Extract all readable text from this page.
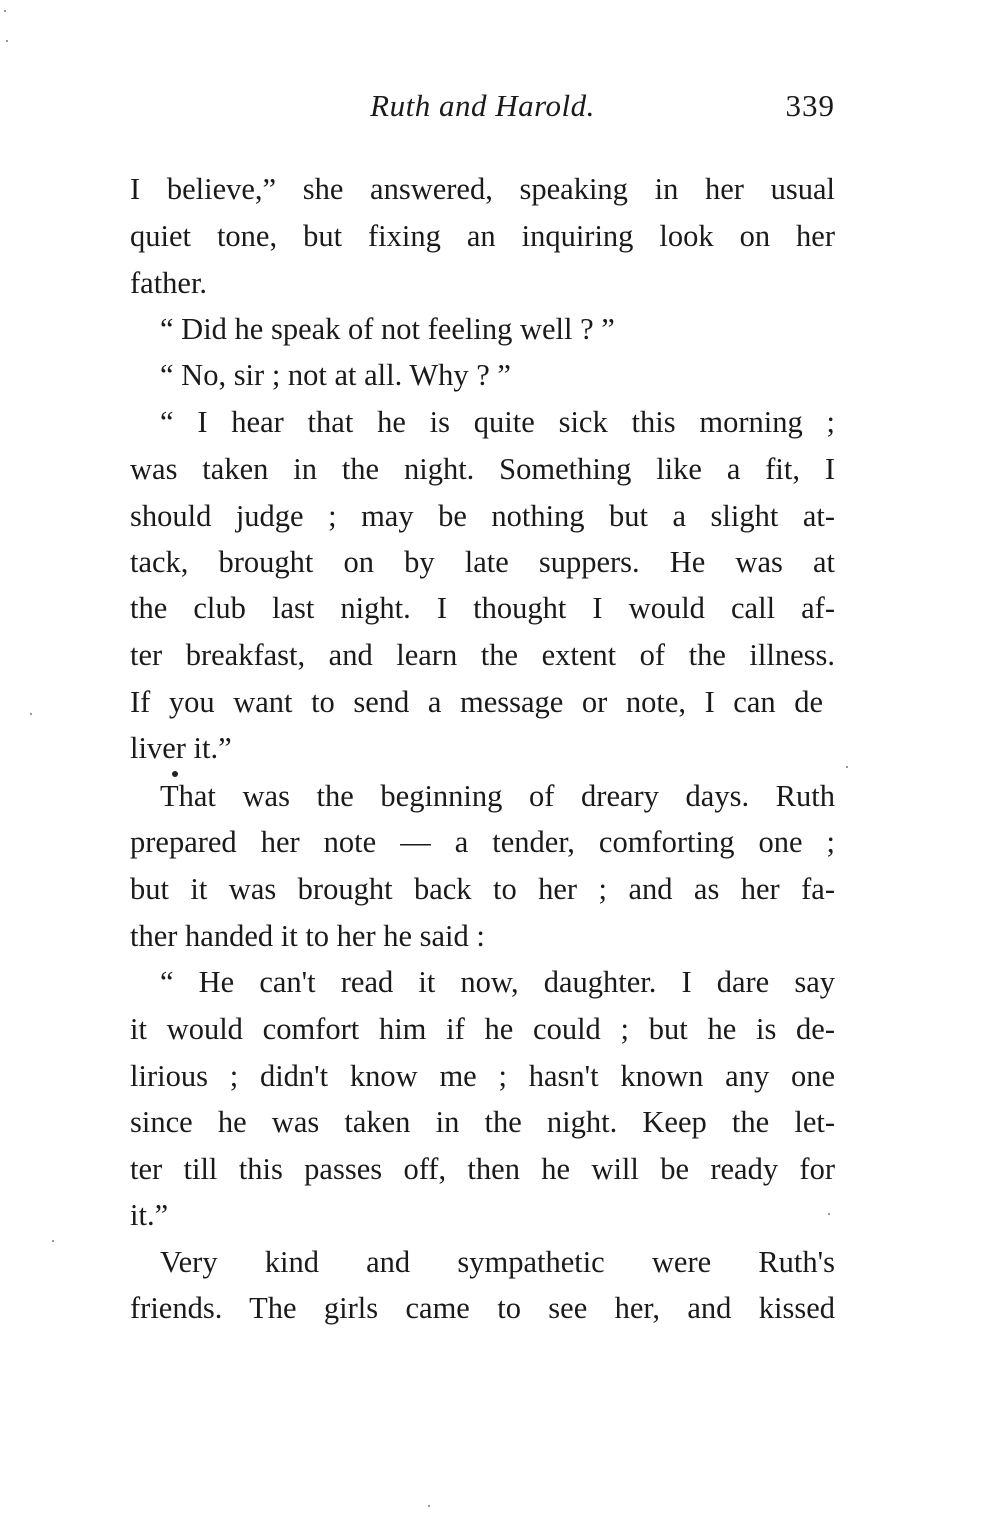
Ruth and Harold.	339
I believe,” she answered, speaking in her usual
quiet tone, but fixing an inquiring look on her
father.
“ Did he speak of not feeling well ? ”
“ No, sir ; not at all. Why ? ”
“ I hear that he is quite sick this morning ;
was taken in the night. Something like a fit, I
should judge ; may be nothing but a slight at-
tack, brought on by late suppers. He was at
the club last night. I thought I would call af-
ter breakfast, and learn the extent of the illness.
If you want to send a message or note, I can de
liver it.”
That was the beginning of dreary days. Ruth
prepared her note — a tender, comforting one ;
but it was brought back to her ; and as her fa-
ther handed it to her he said :
“ He can't read it now, daughter. I dare say
it would comfort him if he could ; but he is de-
lirious ; didn't know me ; hasn't known any one
since he was taken in the night. Keep the let-
ter till this passes off, then he will be ready for
it.”
Very kind and sympathetic were Ruth's
friends. The girls came to see her, and kissed
